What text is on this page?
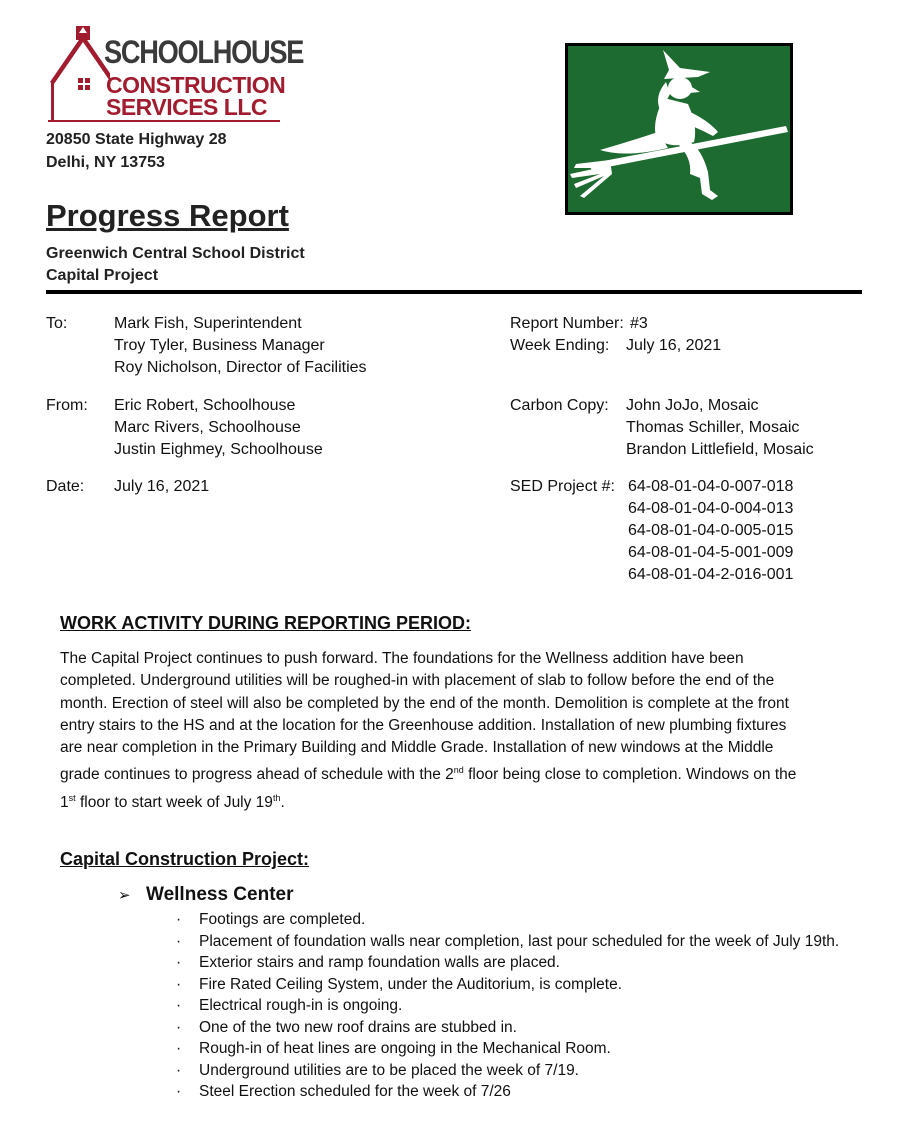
SCHOOLHOUSE
CONSTRUCTION
SERVICES LLC
20850 State Highway 28
Delhi, NY 13753
Progress Report
Greenwich Central School District
Capital Project
To:	Mark Fish, Superintendent
Troy Tyler, Business Manager
Roy Nicholson, Director of Facilities
From: Eric Robert, Schoolhouse
Marc Rivers, Schoolhouse
Justin Eighmey, Schoolhouse
Date: July 16, 2021
Report Number: #3
Week Ending: July 16, 2021
Carbon Copy: John JoJo, Mosaic
Thomas Schiller, Mosaic
Brandon Littlefield, Mosaic
SED Project #: 64-08-01-04-0-007-018
64-08-01-04-0-004-013
64-08-01-04-0-005-015
64-08-01-04-5-001-009
64-08-01-04-2-016-001
WORK ACTIVITY DURING REPORTING PERIOD:
The Capital Project continues to push forward. The foundations for the Wellness addition have been completed. Underground utilities will be roughed-in with placement of slab to follow before the end of the month. Erection of steel will also be completed by the end of the month. Demolition is complete at the front entry stairs to the HS and at the location for the Greenhouse addition. Installation of new plumbing fixtures are near completion in the Primary Building and Middle Grade. Installation of new windows at the Middle grade continues to progress ahead of schedule with the 2nd floor being close to completion. Windows on the 1st floor to start week of July 19th.
Capital Construction Project:
➢ Wellness Center
· Footings are completed.
· Placement of foundation walls near completion, last pour scheduled for the week of July 19th.
· Exterior stairs and ramp foundation walls are placed.
· Fire Rated Ceiling System, under the Auditorium, is complete.
· Electrical rough-in is ongoing.
· One of the two new roof drains are stubbed in.
· Rough-in of heat lines are ongoing in the Mechanical Room.
· Underground utilities are to be placed the week of 7/19.
· Steel Erection scheduled for the week of 7/26
